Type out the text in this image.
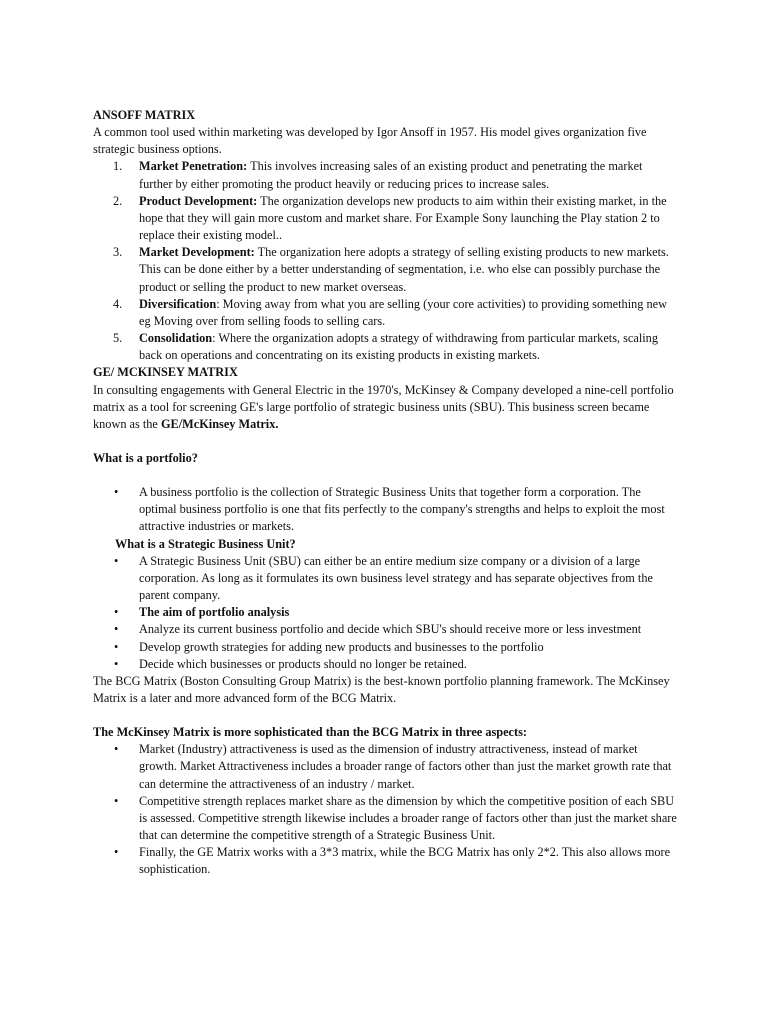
ANSOFF MATRIX
A common tool used within marketing was developed by Igor Ansoff in 1957. His model gives organization five strategic business options.
1. Market Penetration: This involves increasing sales of an existing product and penetrating the market further by either promoting the product heavily or reducing prices to increase sales.
2. Product Development: The organization develops new products to aim within their existing market, in the hope that they will gain more custom and market share. For Example Sony launching the Play station 2 to replace their existing model..
3. Market Development: The organization here adopts a strategy of selling existing products to new markets. This can be done either by a better understanding of segmentation, i.e. who else can possibly purchase the product or selling the product to new market overseas.
4. Diversification: Moving away from what you are selling (your core activities) to providing something new eg Moving over from selling foods to selling cars.
5. Consolidation: Where the organization adopts a strategy of withdrawing from particular markets, scaling back on operations and concentrating on its existing products in existing markets.
GE/ MCKINSEY MATRIX
In consulting engagements with General Electric in the 1970's, McKinsey & Company developed a nine-cell portfolio matrix as a tool for screening GE's large portfolio of strategic business units (SBU). This business screen became known as the GE/McKinsey Matrix.
What is a portfolio?
• A business portfolio is the collection of Strategic Business Units that together form a corporation. The optimal business portfolio is one that fits perfectly to the company's strengths and helps to exploit the most attractive industries or markets.
What is a Strategic Business Unit?
• A Strategic Business Unit (SBU) can either be an entire medium size company or a division of a large corporation. As long as it formulates its own business level strategy and has separate objectives from the parent company.
• The aim of portfolio analysis
• Analyze its current business portfolio and decide which SBU's should receive more or less investment
• Develop growth strategies for adding new products and businesses to the portfolio
• Decide which businesses or products should no longer be retained.
The BCG Matrix (Boston Consulting Group Matrix) is the best-known portfolio planning framework. The McKinsey Matrix is a later and more advanced form of the BCG Matrix.
The McKinsey Matrix is more sophisticated than the BCG Matrix in three aspects:
• Market (Industry) attractiveness is used as the dimension of industry attractiveness, instead of market growth. Market Attractiveness includes a broader range of factors other than just the market growth rate that can determine the attractiveness of an industry / market.
• Competitive strength replaces market share as the dimension by which the competitive position of each SBU is assessed. Competitive strength likewise includes a broader range of factors other than just the market share that can determine the competitive strength of a Strategic Business Unit.
• Finally, the GE Matrix works with a 3*3 matrix, while the BCG Matrix has only 2*2. This also allows more sophistication.
